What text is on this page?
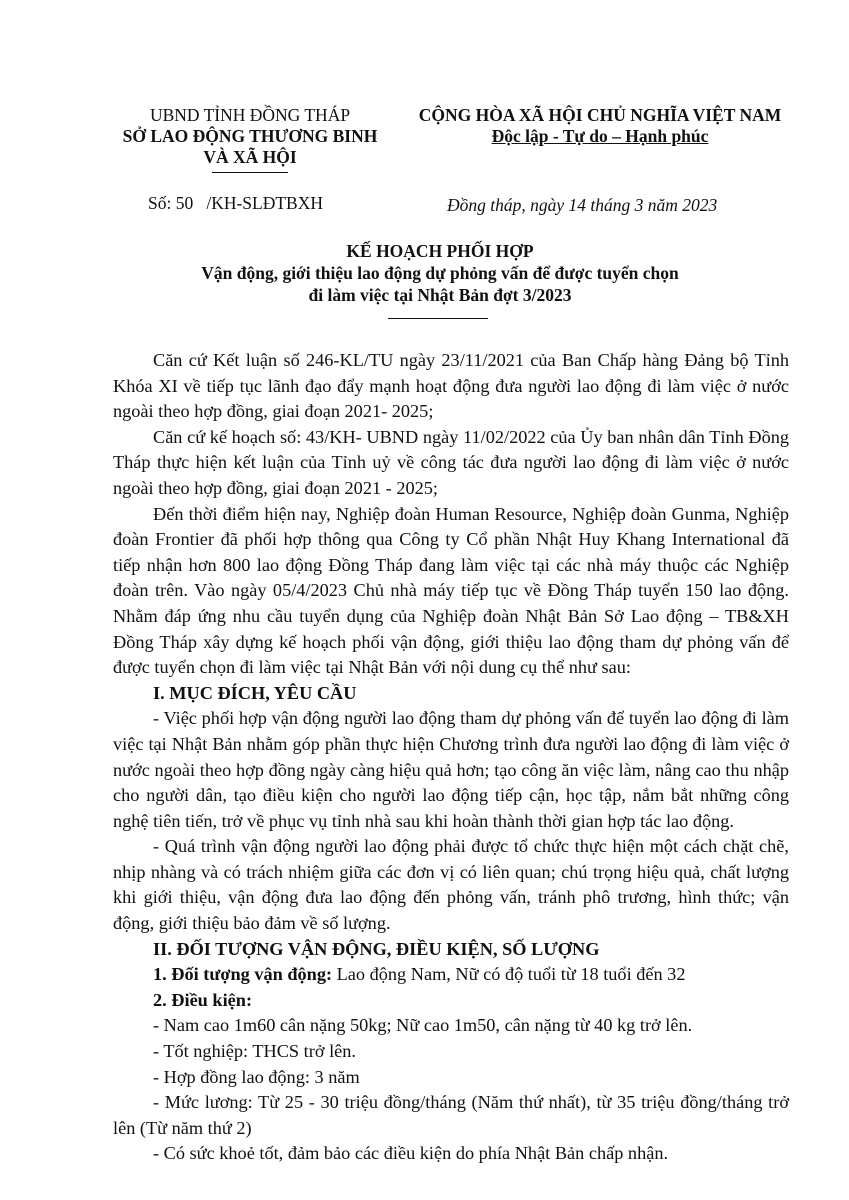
UBND TỈNH ĐỒNG THÁP
SỞ LAO ĐỘNG THƯƠNG BINH
VÀ XÃ HỘI
CỘNG HÒA XÃ HỘI CHỦ NGHĨA VIỆT NAM
Độc lập - Tự do – Hạnh phúc
Số: 50   /KH-SLĐTBXH	Đồng tháp, ngày 14 tháng 3 năm 2023
KẾ HOẠCH PHỐI HỢP
Vận động, giới thiệu lao động dự phỏng vấn để được tuyển chọn
đi làm việc tại Nhật Bản đợt 3/2023

Căn cứ Kết luận số 246-KL/TU ngày 23/11/2021 của Ban Chấp hàng Đảng bộ Tỉnh Khóa XI về tiếp tục lãnh đạo đẩy mạnh hoạt động đưa người lao động đi làm việc ở nước ngoài theo hợp đồng, giai đoạn 2021- 2025;

Căn cứ kế hoạch số: 43/KH- UBND ngày 11/02/2022 của Ủy ban nhân dân Tỉnh Đồng Tháp thực hiện kết luận của Tỉnh uỷ về công tác đưa người lao động đi làm việc ở nước ngoài theo hợp đồng, giai đoạn 2021 - 2025;

Đến thời điểm hiện nay, Nghiệp đoàn Human Resource, Nghiệp đoàn Gunma, Nghiệp đoàn Frontier đã phối hợp thông qua Công ty Cổ phần Nhật Huy Khang International đã tiếp nhận hơn 800 lao động Đồng Tháp đang làm việc tại các nhà máy thuộc các Nghiệp đoàn trên. Vào ngày 05/4/2023 Chủ nhà máy tiếp tục về Đồng Tháp tuyển 150 lao động. Nhằm đáp ứng nhu cầu tuyển dụng của Nghiệp đoàn Nhật Bản Sở Lao động – TB&XH Đồng Tháp xây dựng kế hoạch phối vận động, giới thiệu lao động tham dự phỏng vấn để được tuyển chọn đi làm việc tại Nhật Bản với nội dung cụ thể như sau:

I. MỤC ĐÍCH, YÊU CẦU

- Việc phối hợp vận động người lao động tham dự phỏng vấn để tuyển lao động đi làm việc tại Nhật Bản nhằm góp phần thực hiện Chương trình đưa người lao động đi làm việc ở nước ngoài theo hợp đồng ngày càng hiệu quả hơn; tạo công ăn việc làm, nâng cao thu nhập cho người dân, tạo điều kiện cho người lao động tiếp cận, học tập, nắm bắt những công nghệ tiên tiến, trở về phục vụ tỉnh nhà sau khi hoàn thành thời gian hợp tác lao động.

- Quá trình vận động người lao động phải được tổ chức thực hiện một cách chặt chẽ, nhịp nhàng và có trách nhiệm giữa các đơn vị có liên quan; chú trọng hiệu quả, chất lượng khi giới thiệu, vận động đưa lao động đến phỏng vấn, tránh phô trương, hình thức; vận động, giới thiệu bảo đảm về số lượng.

II. ĐỐI TƯỢNG VẬN ĐỘNG, ĐIỀU KIỆN, SỐ LƯỢNG

1. Đối tượng vận động: Lao động Nam, Nữ có độ tuổi từ 18 tuổi đến 32

2. Điều kiện:

- Nam cao 1m60 cân nặng 50kg; Nữ cao 1m50, cân nặng từ 40 kg trở lên.

- Tốt nghiệp: THCS trở lên.

- Hợp đồng lao động: 3 năm

- Mức lương: Từ 25 - 30 triệu đồng/tháng (Năm thứ nhất), từ 35 triệu đồng/tháng trở lên (Từ năm thứ 2)

- Có sức khoẻ tốt, đảm bảo các điều kiện do phía Nhật Bản chấp nhận.
